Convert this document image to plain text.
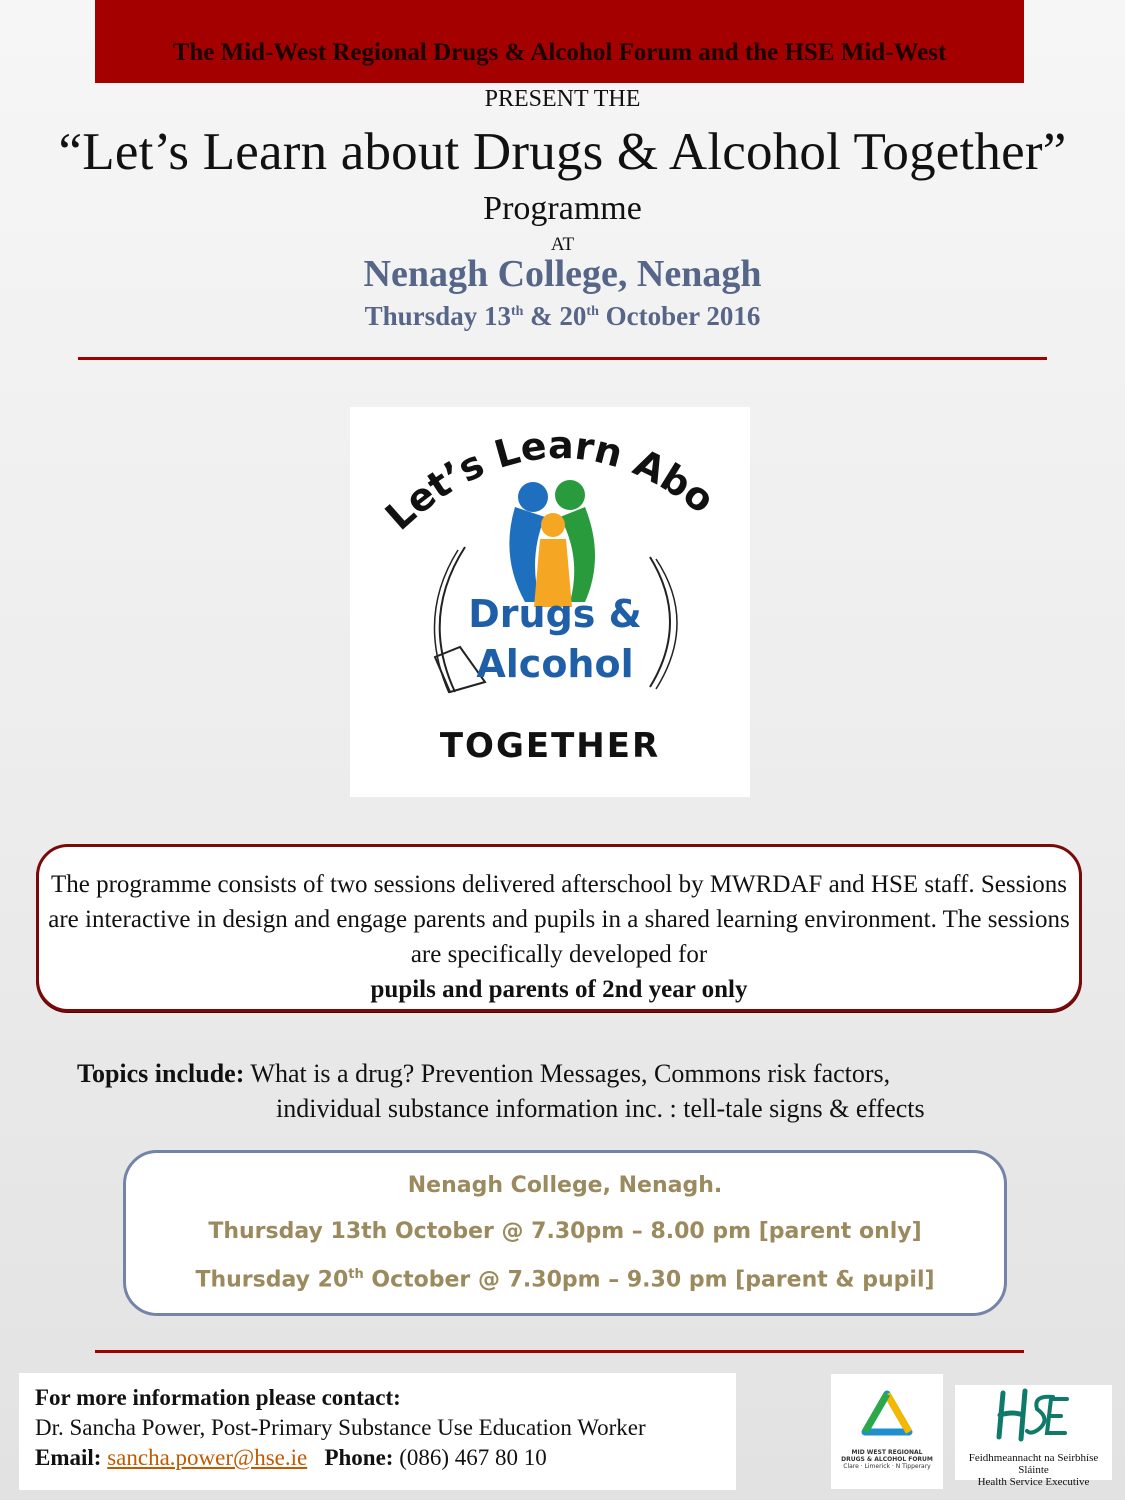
The Mid-West Regional Drugs & Alcohol Forum and the HSE Mid-West
PRESENT THE
“Let’s Learn about Drugs & Alcohol Together”
Programme
AT
Nenagh College, Nenagh
Thursday 13th & 20th October 2016
Let’s Learn Abo
Drugs &
Alcohol
TOGETHER
The programme consists of two sessions delivered afterschool by MWRDAF and HSE staff. Sessions are interactive in design and engage parents and pupils in a shared learning environment. The sessions are specifically developed for
pupils and parents of 2nd year only
Topics include: What is a drug? Prevention Messages, Commons risk factors,
individual substance information inc. : tell-tale signs & effects
Nenagh College, Nenagh.
Thursday 13th October @ 7.30pm – 8.00 pm [parent only]
Thursday 20th October @ 7.30pm – 9.30 pm [parent & pupil]
For more information please contact:
Dr. Sancha Power, Post-Primary Substance Use Education Worker
Email: sancha.power@hse.ie Phone: (086) 467 80 10	MID WEST REGIONAL
DRUGS & ALCOHOL FORUM
Clare · Limerick · N Tipperary
Feidhmeannacht na Seirbhíse Sláinte
Health Service Executive
